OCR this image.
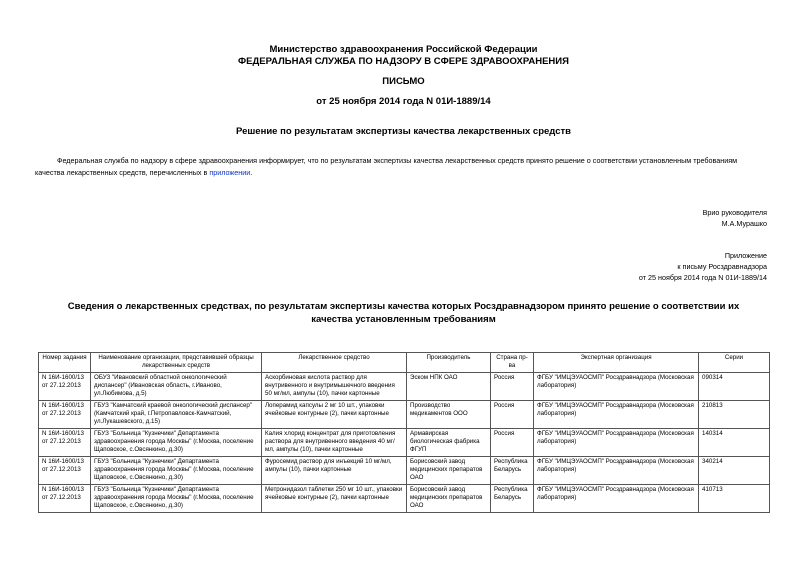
Министерство здравоохранения Российской Федерации
ФЕДЕРАЛЬНАЯ СЛУЖБА ПО НАДЗОРУ В СФЕРЕ ЗДРАВООХРАНЕНИЯ
ПИСЬМО
от 25 ноября 2014 года N 01И-1889/14
Решение по результатам экспертизы качества лекарственных средств
Федеральная служба по надзору в сфере здравоохранения информирует, что по результатам экспертизы качества лекарственных средств принято решение о соответствии установленным требованиям качества лекарственных средств, перечисленных в приложении.
Врио руководителя
М.А.Мурашко
Приложение
к письму Росздравнадзора
от 25 ноября 2014 года N 01И-1889/14
Сведения о лекарственных средствах, по результатам экспертизы качества которых Росздравнадзором принято решение о соответствии их качества установленным требованиям
Номер задания	Наименование организации, представившей образцы лекарственных средств	Лекарственное средство	Производитель	Страна пр-ва	Экспертная организация	Серии
N 16И-1600/13 от 27.12.2013	ОБУЗ "Ивановский областной онкологический диспансер" (Ивановская область, г.Иваново, ул.Любимова, д.5)	Аскорбиновая кислота раствор для внутривенного и внутримышечного введения 50 мг/мл, ампулы (10), пачки картонные	Эском НПК ОАО	Россия	ФГБУ "ИМЦЭУАОСМП" Росздравнадзора (Московская лаборатория)	090314
N 16И-1600/13 от 27.12.2013	ГБУЗ "Камчатский краевой онкологический диспансер" (Камчатский край, г.Петропавловск-Камчатский, ул.Лукашевского, д.15)	Лоперамид капсулы 2 мг 10 шт., упаковки ячейковые контурные (2), пачки картонные	Производство медикаментов ООО	Россия	ФГБУ "ИМЦЭУАОСМП" Росздравнадзора (Московская лаборатория)	210813
N 16И-1600/13 от 27.12.2013	ГБУЗ "Больница "Кузнечики" Департамента здравоохранения города Москвы" (г.Москва, поселение Щаповское, с.Овсянкино, д.30)	Калия хлорид концентрат для приготовления раствора для внутривенного введения 40 мг/мл, ампулы (10), пачки картонные	Армавирская биологическая фабрика ФГУП	Россия	ФГБУ "ИМЦЭУАОСМП" Росздравнадзора (Московская лаборатория)	140314
N 16И-1600/13 от 27.12.2013	ГБУЗ "Больница "Кузнечики" Департамента здравоохранения города Москвы" (г.Москва, поселение Щаповское, с.Овсянкино, д.30)	Фуросемид раствор для инъекций 10 мг/мл, ампулы (10), пачки картонные	Борисовский завод медицинских препаратов ОАО	Республика Беларусь	ФГБУ "ИМЦЭУАОСМП" Росздравнадзора (Московская лаборатория)	340214
N 16И-1600/13 от 27.12.2013	ГБУЗ "Больница "Кузнечики" Департамента здравоохранения города Москвы" (г.Москва, поселение Щаповское, с.Овсянкино, д.30)	Метронидазол таблетки 250 мг 10 шт., упаковки ячейковые контурные (2), пачки картонные	Борисовский завод медицинских препаратов ОАО	Республика Беларусь	ФГБУ "ИМЦЭУАОСМП" Росздравнадзора (Московская лаборатория)	410713
